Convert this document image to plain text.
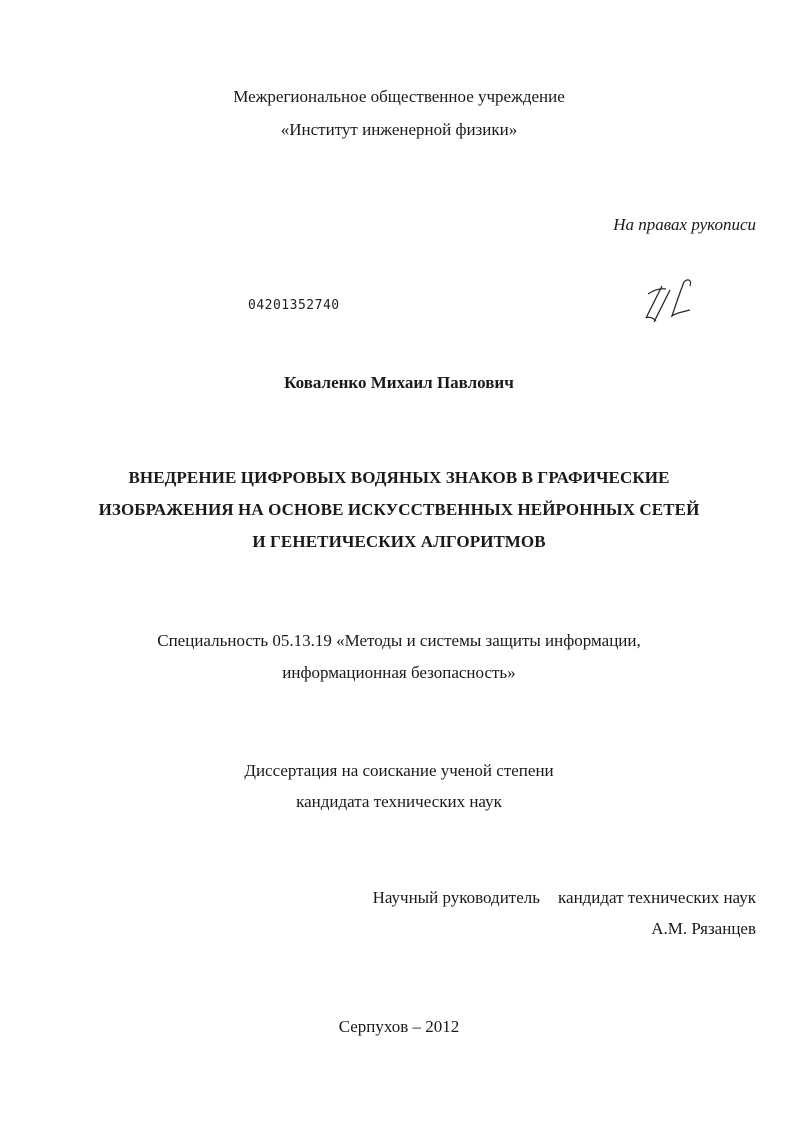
Межрегиональное общественное учреждение
«Институт инженерной физики»
На правах рукописи
04201352740
Коваленко Михаил Павлович
ВНЕДРЕНИЕ ЦИФРОВЫХ ВОДЯНЫХ ЗНАКОВ В ГРАФИЧЕСКИЕ
ИЗОБРАЖЕНИЯ НА ОСНОВЕ ИСКУССТВЕННЫХ НЕЙРОННЫХ СЕТЕЙ
И ГЕНЕТИЧЕСКИХ АЛГОРИТМОВ
Специальность 05.13.19 «Методы и системы защиты информации,
информационная безопасность»
Диссертация на соискание ученой степени
кандидата технических наук
Научный руководитель кандидат технических наук
А.М. Рязанцев
Серпухов – 2012
